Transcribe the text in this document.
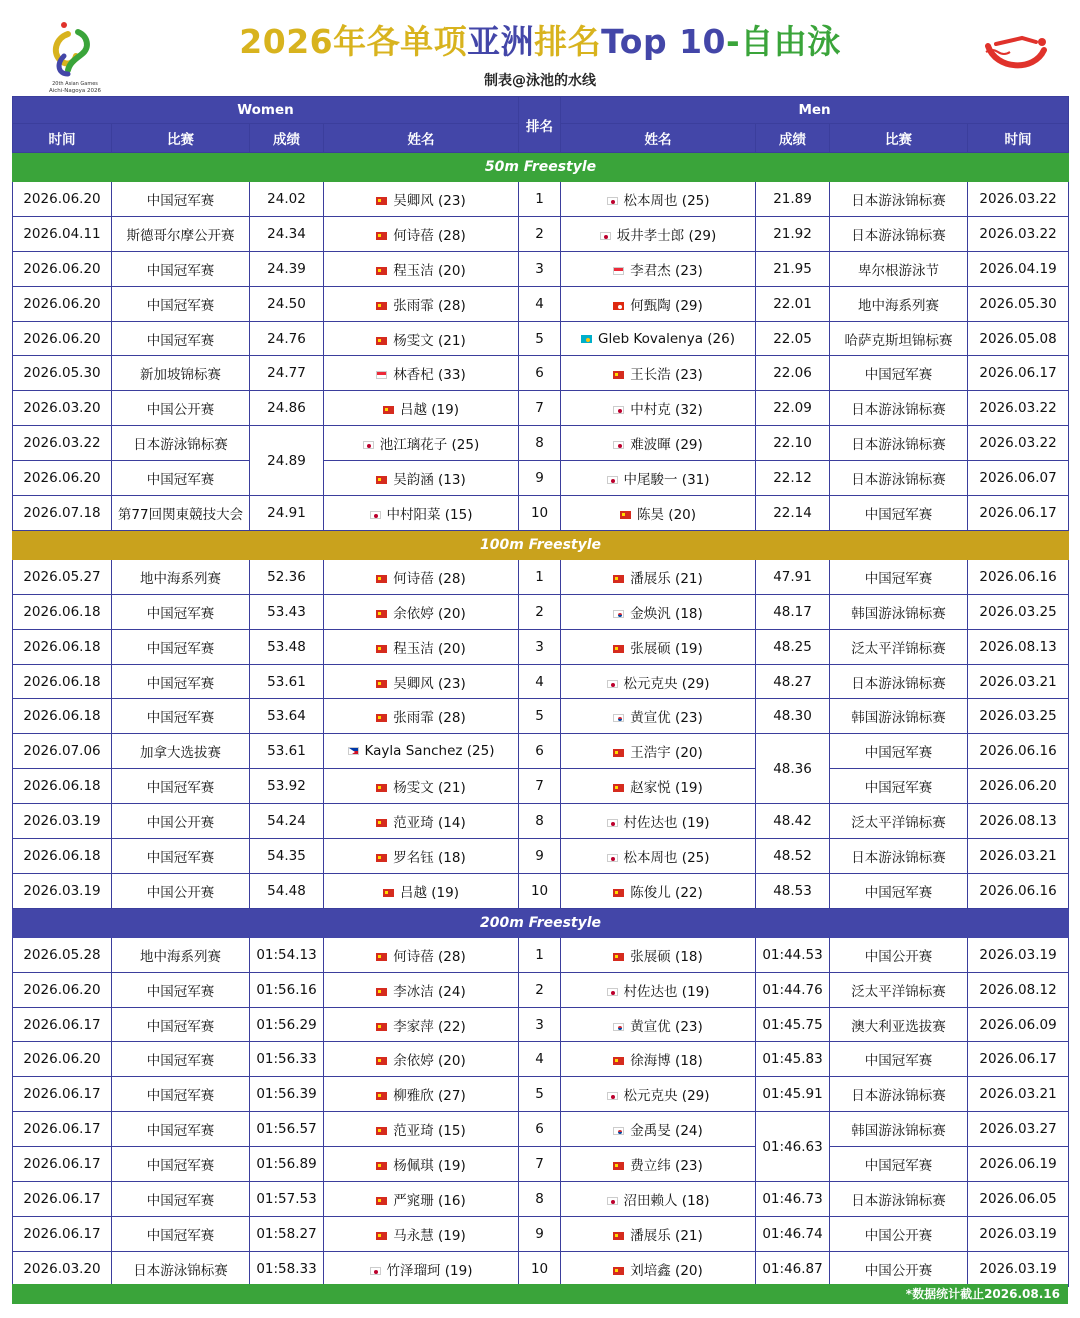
20th Asian Games
Aichi-Nagoya 2026
2026年各单项亚洲排名Top 10-自由泳
制表@泳池的水线
Women				排名	Men			
时间	比赛	成绩	姓名		姓名	成绩	比赛	时间
50m Freestyle								
2026.06.20	中国冠军赛	24.02	吴卿风 (23)	1	松本周也 (25)	21.89	日本游泳锦标赛	2026.03.22
2026.04.11	斯德哥尔摩公开赛	24.34	何诗蓓 (28)	2	坂井孝士郎 (29)	21.92	日本游泳锦标赛	2026.03.22
2026.06.20	中国冠军赛	24.39	程玉洁 (20)	3	李君杰 (23)	21.95	卑尔根游泳节	2026.04.19
2026.06.20	中国冠军赛	24.50	张雨霏 (28)	4	何甄陶 (29)	22.01	地中海系列赛	2026.05.30
2026.06.20	中国冠军赛	24.76	杨雯文 (21)	5	Gleb Kovalenya (26)	22.05	哈萨克斯坦锦标赛	2026.05.08
2026.05.30	新加坡锦标赛	24.77	林香杞 (33)	6	王长浩 (23)	22.06	中国冠军赛	2026.06.17
2026.03.20	中国公开赛	24.86	吕越 (19)	7	中村克 (32)	22.09	日本游泳锦标赛	2026.03.22
2026.03.22	日本游泳锦标赛	24.89	池江璃花子 (25)	8	难波暉 (29)	22.10	日本游泳锦标赛	2026.03.22
2026.06.20	中国冠军赛		吴韵涵 (13)	9	中尾駿一 (31)	22.12	日本游泳锦标赛	2026.06.07
2026.07.18	第77回関東競技大会	24.91	中村阳菜 (15)	10	陈昊 (20)	22.14	中国冠军赛	2026.06.17
100m Freestyle								
2026.05.27	地中海系列赛	52.36	何诗蓓 (28)	1	潘展乐 (21)	47.91	中国冠军赛	2026.06.16
2026.06.18	中国冠军赛	53.43	余依婷 (20)	2	金焕汎 (18)	48.17	韩国游泳锦标赛	2026.03.25
2026.06.18	中国冠军赛	53.48	程玉洁 (20)	3	张展硕 (19)	48.25	泛太平洋锦标赛	2026.08.13
2026.06.18	中国冠军赛	53.61	吴卿风 (23)	4	松元克央 (29)	48.27	日本游泳锦标赛	2026.03.21
2026.06.18	中国冠军赛	53.64	张雨霏 (28)	5	黄宣优 (23)	48.30	韩国游泳锦标赛	2026.03.25
2026.07.06	加拿大选拔赛	53.61	Kayla Sanchez (25)	6	王浩宇 (20)	48.36	中国冠军赛	2026.06.16
2026.06.18	中国冠军赛	53.92	杨雯文 (21)	7	赵家悦 (19)		中国冠军赛	2026.06.20
2026.03.19	中国公开赛	54.24	范亚琦 (14)	8	村佐达也 (19)	48.42	泛太平洋锦标赛	2026.08.13
2026.06.18	中国冠军赛	54.35	罗名钰 (18)	9	松本周也 (25)	48.52	日本游泳锦标赛	2026.03.21
2026.03.19	中国公开赛	54.48	吕越 (19)	10	陈俊儿 (22)	48.53	中国冠军赛	2026.06.16
200m Freestyle								
2026.05.28	地中海系列赛	01:54.13	何诗蓓 (28)	1	张展硕 (18)	01:44.53	中国公开赛	2026.03.19
2026.06.20	中国冠军赛	01:56.16	李冰洁 (24)	2	村佐达也 (19)	01:44.76	泛太平洋锦标赛	2026.08.12
2026.06.17	中国冠军赛	01:56.29	李家萍 (22)	3	黄宣优 (23)	01:45.75	澳大利亚选拔赛	2026.06.09
2026.06.20	中国冠军赛	01:56.33	余依婷 (20)	4	徐海博 (18)	01:45.83	中国冠军赛	2026.06.17
2026.06.17	中国冠军赛	01:56.39	柳雅欣 (27)	5	松元克央 (29)	01:45.91	日本游泳锦标赛	2026.03.21
2026.06.17	中国冠军赛	01:56.57	范亚琦 (15)	6	金禹旻 (24)	01:46.63	韩国游泳锦标赛	2026.03.27
2026.06.17	中国冠军赛	01:56.89	杨佩琪 (19)	7	费立纬 (23)		中国冠军赛	2026.06.19
2026.06.17	中国冠军赛	01:57.53	严窕珊 (16)	8	沼田赖人 (18)	01:46.73	日本游泳锦标赛	2026.06.05
2026.06.17	中国冠军赛	01:58.27	马永慧 (19)	9	潘展乐 (21)	01:46.74	中国公开赛	2026.03.19
2026.03.20	日本游泳锦标赛	01:58.33	竹泽瑠珂 (19)	10	刘培鑫 (20)	01:46.87	中国公开赛	2026.03.19
*数据统计截止2026.08.16
